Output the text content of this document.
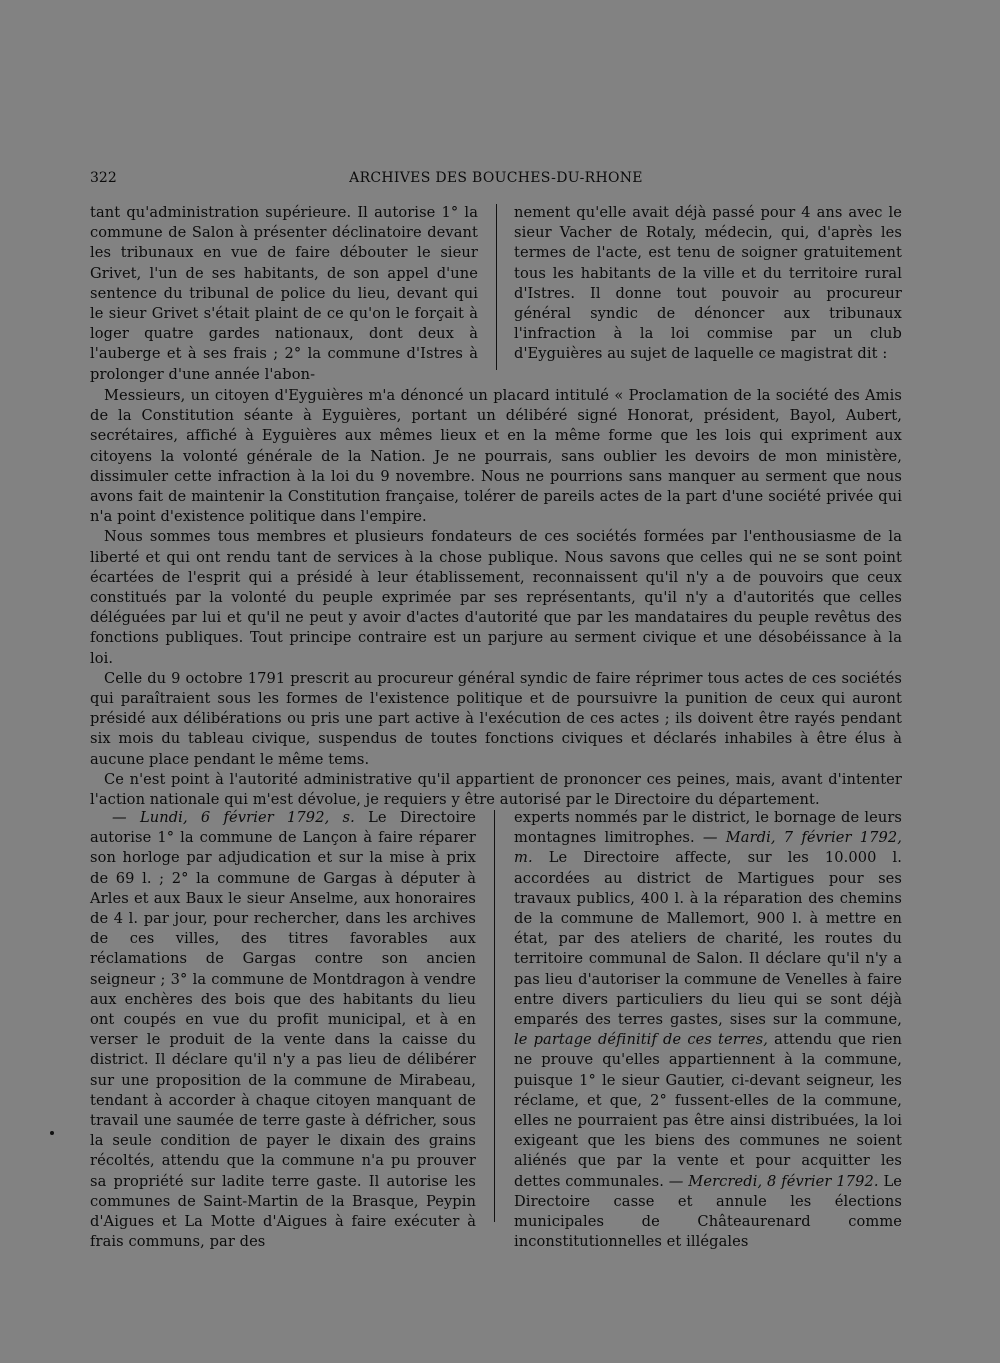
322	ARCHIVES DES BOUCHES-DU-RHONE

tant qu'administration supérieure. Il autorise 1° la commune de Salon à présenter déclinatoire devant les tribunaux en vue de faire débouter le sieur Grivet, l'un de ses habitants, de son appel d'une sentence du tribunal de police du lieu, devant qui le sieur Grivet s'était plaint de ce qu'on le forçait à loger quatre gardes nationaux, dont deux à l'auberge et à ses frais ; 2° la commune d'Istres à prolonger d'une année l'abon-

nement qu'elle avait déjà passé pour 4 ans avec le sieur Vacher de Rotaly, médecin, qui, d'après les termes de l'acte, est tenu de soigner gratuitement tous les habitants de la ville et du territoire rural d'Istres. Il donne tout pouvoir au procureur général syndic de dénoncer aux tribunaux l'infraction à la loi commise par un club d'Eyguières au sujet de laquelle ce magistrat dit :

Messieurs, un citoyen d'Eyguières m'a dénoncé un placard intitulé « Proclamation de la société des Amis de la Constitution séante à Eyguières, portant un délibéré signé Honorat, président, Bayol, Aubert, secrétaires, affiché à Eyguières aux mêmes lieux et en la même forme que les lois qui expriment aux citoyens la volonté générale de la Nation. Je ne pourrais, sans oublier les devoirs de mon ministère, dissimuler cette infraction à la loi du 9 novembre. Nous ne pourrions sans manquer au serment que nous avons fait de maintenir la Constitution française, tolérer de pareils actes de la part d'une société privée qui n'a point d'existence politique dans l'empire.

Nous sommes tous membres et plusieurs fondateurs de ces sociétés formées par l'enthousiasme de la liberté et qui ont rendu tant de services à la chose publique. Nous savons que celles qui ne se sont point écartées de l'esprit qui a présidé à leur établissement, reconnaissent qu'il n'y a de pouvoirs que ceux constitués par la volonté du peuple exprimée par ses représentants, qu'il n'y a d'autorités que celles déléguées par lui et qu'il ne peut y avoir d'actes d'autorité que par les mandataires du peuple revêtus des fonctions publiques. Tout principe contraire est un parjure au serment civique et une désobéissance à la loi.

Celle du 9 octobre 1791 prescrit au procureur général syndic de faire réprimer tous actes de ces sociétés qui paraîtraient sous les formes de l'existence politique et de poursuivre la punition de ceux qui auront présidé aux délibérations ou pris une part active à l'exécution de ces actes ; ils doivent être rayés pendant six mois du tableau civique, suspendus de toutes fonctions civiques et déclarés inhabiles à être élus à aucune place pendant le même tems.

Ce n'est point à l'autorité administrative qu'il appartient de prononcer ces peines, mais, avant d'intenter l'action nationale qui m'est dévolue, je requiers y être autorisé par le Directoire du département.

— Lundi, 6 février 1792, s. Le Directoire autorise 1° la commune de Lançon à faire réparer son horloge par adjudication et sur la mise à prix de 69 l. ; 2° la commune de Gargas à députer à Arles et aux Baux le sieur Anselme, aux honoraires de 4 l. par jour, pour rechercher, dans les archives de ces villes, des titres favorables aux réclamations de Gargas contre son ancien seigneur ; 3° la commune de Montdragon à vendre aux enchères des bois que des habitants du lieu ont coupés en vue du profit municipal, et à en verser le produit de la vente dans la caisse du district. Il déclare qu'il n'y a pas lieu de délibérer sur une proposition de la commune de Mirabeau, tendant à accorder à chaque citoyen manquant de travail une saumée de terre gaste à défricher, sous la seule condition de payer le dixain des grains récoltés, attendu que la commune n'a pu prouver sa propriété sur ladite terre gaste. Il autorise les communes de Saint-Martin de la Brasque, Peypin d'Aigues et La Motte d'Aigues à faire exécuter à frais communs, par des

experts nommés par le district, le bornage de leurs montagnes limitrophes. — Mardi, 7 février 1792, m. Le Directoire affecte, sur les 10.000 l. accordées au district de Martigues pour ses travaux publics, 400 l. à la réparation des chemins de la commune de Mallemort, 900 l. à mettre en état, par des ateliers de charité, les routes du territoire communal de Salon. Il déclare qu'il n'y a pas lieu d'autoriser la commune de Venelles à faire entre divers particuliers du lieu qui se sont déjà emparés des terres gastes, sises sur la commune, le partage définitif de ces terres, attendu que rien ne prouve qu'elles appartiennent à la commune, puisque 1° le sieur Gautier, ci-devant seigneur, les réclame, et que, 2° fussent-elles de la commune, elles ne pourraient pas être ainsi distribuées, la loi exigeant que les biens des communes ne soient aliénés que par la vente et pour acquitter les dettes communales. — Mercredi, 8 février 1792. Le Directoire casse et annule les élections municipales de Châteaurenard comme inconstitutionnelles et illégales
